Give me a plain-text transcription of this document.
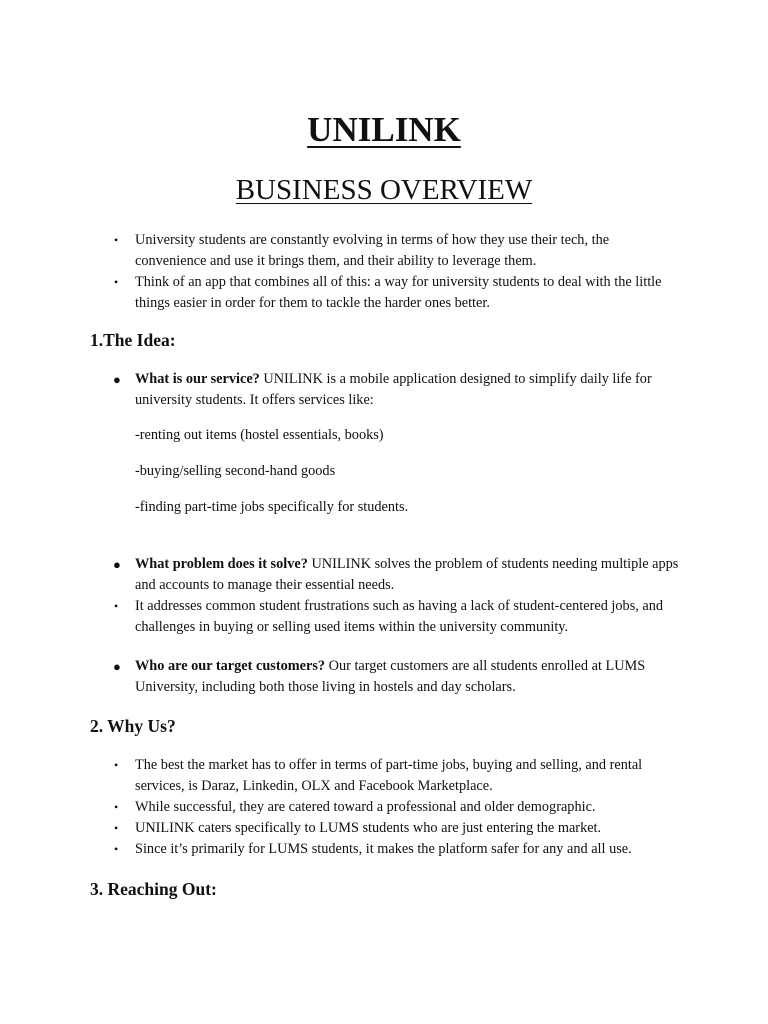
UNILINK
BUSINESS OVERVIEW
• University students are constantly evolving in terms of how they use their tech, the convenience and use it brings them, and their ability to leverage them.
• Think of an app that combines all of this: a way for university students to deal with the little things easier in order for them to tackle the harder ones better.
1.The Idea:
● What is our service? UNILINK is a mobile application designed to simplify daily life for university students. It offers services like:
-renting out items (hostel essentials, books)
-buying/selling second-hand goods
-finding part-time jobs specifically for students.
● What problem does it solve? UNILINK solves the problem of students needing multiple apps and accounts to manage their essential needs.
• It addresses common student frustrations such as having a lack of student-centered jobs, and challenges in buying or selling used items within the university community.
● Who are our target customers? Our target customers are all students enrolled at LUMS University, including both those living in hostels and day scholars.
2. Why Us?
• The best the market has to offer in terms of part-time jobs, buying and selling, and rental services, is Daraz, Linkedin, OLX and Facebook Marketplace.
• While successful, they are catered toward a professional and older demographic.
• UNILINK caters specifically to LUMS students who are just entering the market.
• Since it’s primarily for LUMS students, it makes the platform safer for any and all use.
3. Reaching Out:
